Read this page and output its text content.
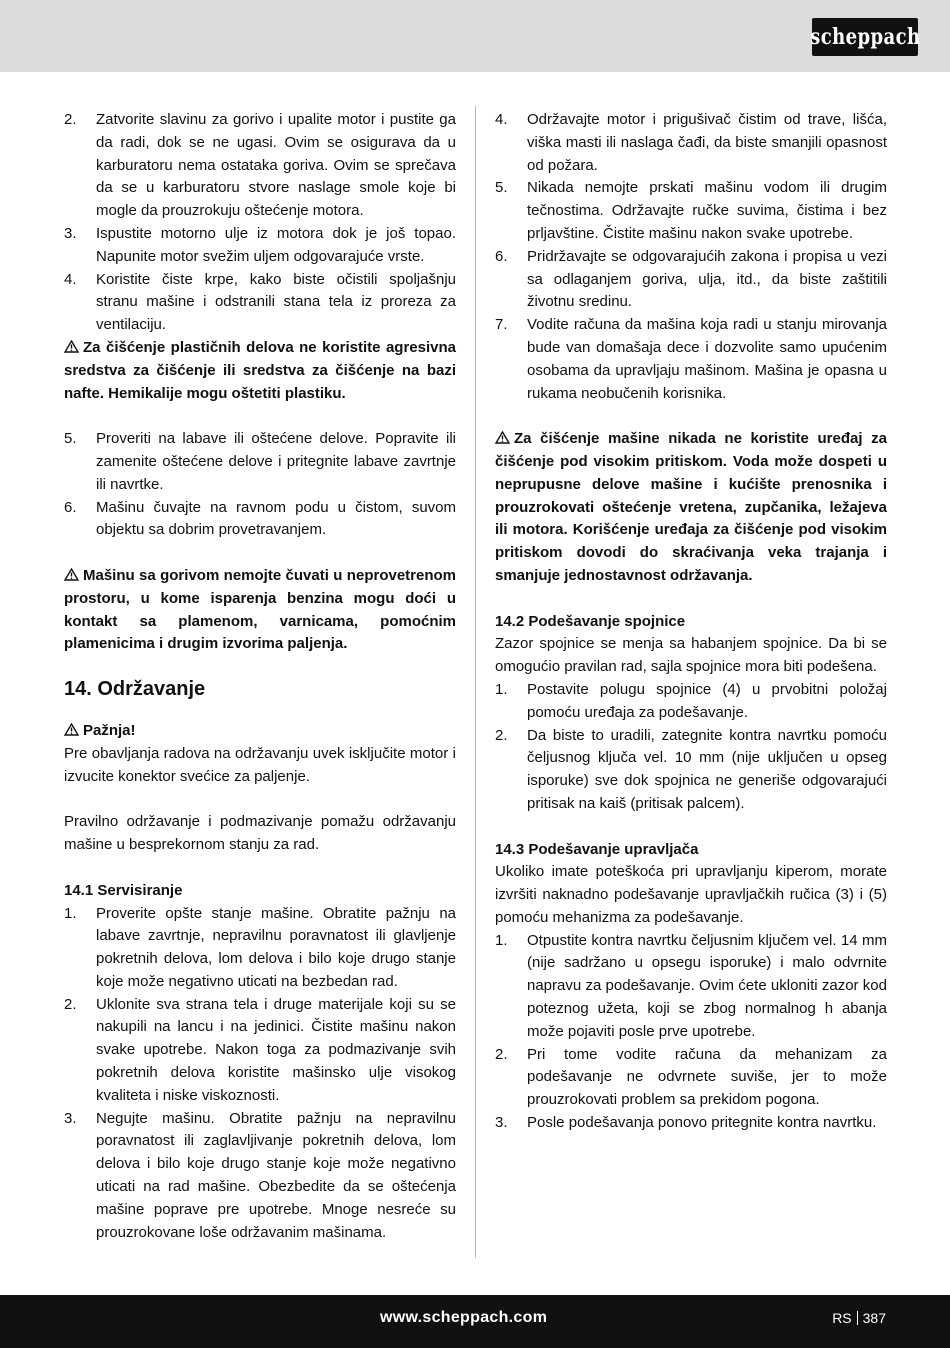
scheppach
2. Zatvorite slavinu za gorivo i upalite motor i pustite ga da radi, dok se ne ugasi. Ovim se osigurava da u karburatoru nema ostataka goriva. Ovim se sprečava da se u karburatoru stvore naslage smole koje bi mogle da prouzrokuju oštećenje motora.
3. Ispustite motorno ulje iz motora dok je još topao. Napunite motor svežim uljem odgovarajuće vrste.
4. Koristite čiste krpe, kako biste očistili spoljašnju stranu mašine i odstranili stana tela iz proreza za ventilaciju.

Za čišćenje plastičnih delova ne koristite agresivna sredstva za čišćenje ili sredstva za čišćenje na bazi nafte. Hemikalije mogu oštetiti plastiku.

5. Proveriti na labave ili oštećene delove. Popravite ili zamenite oštećene delove i pritegnite labave zavrtnje ili navrtke.
6. Mašinu čuvajte na ravnom podu u čistom, suvom objektu sa dobrim provetravanjem.

Mašinu sa gorivom nemojte čuvati u neprovetrenom prostoru, u kome isparenja benzina mogu doći u kontakt sa plamenom, varnicama, pomoćnim plamenicima i drugim izvorima paljenja.

14. Održavanje

Pažnja!

Pre obavljanja radova na održavanju uvek isključite motor i izvucite konektor svećice za paljenje.

Pravilno održavanje i podmazivanje pomažu održavanju mašine u besprekornom stanju za rad.

14.1 Servisiranje

1. Proverite opšte stanje mašine. Obratite pažnju na labave zavrtnje, nepravilnu poravnatost ili glavljenje pokretnih delova, lom delova i bilo koje drugo stanje koje može negativno uticati na bezbedan rad.
2. Uklonite sva strana tela i druge materijale koji su se nakupili na lancu i na jedinici. Čistite mašinu nakon svake upotrebe. Nakon toga za podmazivanje svih pokretnih delova koristite mašinsko ulje visokog kvaliteta i niske viskoznosti.
3. Negujte mašinu. Obratite pažnju na nepravilnu poravnatost ili zaglavljivanje pokretnih delova, lom delova i bilo koje drugo stanje koje može negativno uticati na rad mašine. Obezbedite da se oštećenja mašine poprave pre upotrebe. Mnoge nesreće su prouzrokovane loše održavanim mašinama.
4. Održavajte motor i prigušivač čistim od trave, lišća, viška masti ili naslaga čađi, da biste smanjili opasnost od požara.
5. Nikada nemojte prskati mašinu vodom ili drugim tečnostima. Održavajte ručke suvima, čistima i bez prljavštine. Čistite mašinu nakon svake upotrebe.
6. Pridržavajte se odgovarajućih zakona i propisa u vezi sa odlaganjem goriva, ulja, itd., da biste zaštitili životnu sredinu.
7. Vodite računa da mašina koja radi u stanju mirovanja bude van domašaja dece i dozvolite samo upućenim osobama da upravljaju mašinom. Mašina je opasna u rukama neobučenih korisnika.

Za čišćenje mašine nikada ne koristite uređaj za čišćenje pod visokim pritiskom. Voda može dospeti u neprupusne delove mašine i kućište prenosnika i prouzrokovati oštećenje vretena, zupčanika, ležajeva ili motora. Korišćenje uređaja za čišćenje pod visokim pritiskom dovodi do skraćivanja veka trajanja i smanjuje jednostavnost održavanja.

14.2 Podešavanje spojnice

Zazor spojnice se menja sa habanjem spojnice. Da bi se omogućio pravilan rad, sajla spojnice mora biti podešena.

1. Postavite polugu spojnice (4) u prvobitni položaj pomoću uređaja za podešavanje.
2. Da biste to uradili, zategnite kontra navrtku pomoću čeljusnog ključa vel. 10 mm (nije uključen u opseg isporuke) sve dok spojnica ne generiše odgovarajući pritisak na kaiš (pritisak palcem).

14.3 Podešavanje upravljača

Ukoliko imate poteškoća pri upravljanju kiperom, morate izvršiti naknadno podešavanje upravljačkih ručica (3) i (5) pomoću mehanizma za podešavanje.

1. Otpustite kontra navrtku čeljusnim ključem vel. 14 mm (nije sadržano u opsegu isporuke) i malo odvrnite napravu za podešavanje. Ovim ćete ukloniti zazor kod poteznog užeta, koji se zbog normalnog h abanja može pojaviti posle prve upotrebe.
2. Pri tome vodite računa da mehanizam za podešavanje ne odvrnete suviše, jer to može prouzrokovati problem sa prekidom pogona.
3. Posle podešavanja ponovo pritegnite kontra navrtku.
www.scheppach.com	RS 387
